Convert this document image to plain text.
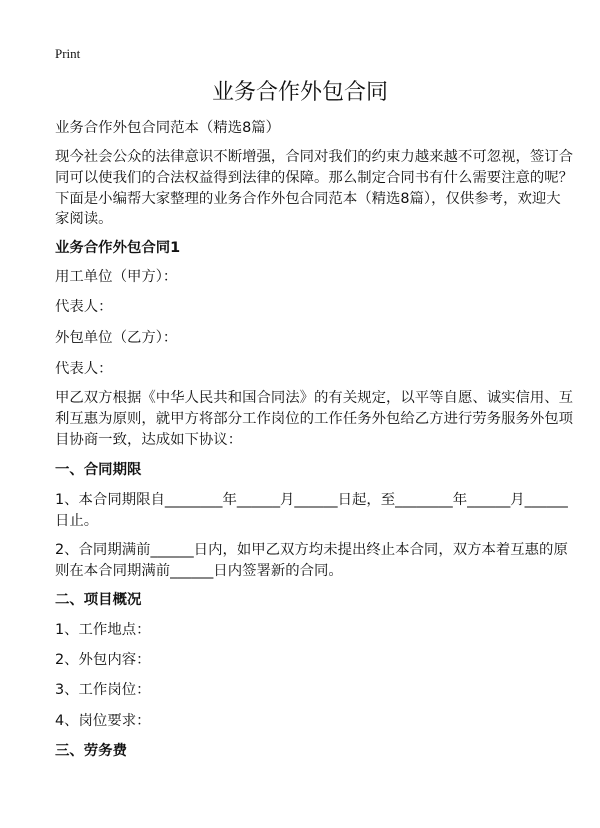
Print
业务合作外包合同
业务合作外包合同范本（精选8篇）
现今社会公众的法律意识不断增强，合同对我们的约束力越来越不可忽视，签订合
同可以使我们的合法权益得到法律的保障。那么制定合同书有什么需要注意的呢？
下面是小编帮大家整理的业务合作外包合同范本（精选8篇），仅供参考，欢迎大
家阅读。
业务合作外包合同1
用工单位（甲方）：
代表人：
外包单位（乙方）：
代表人：
甲乙双方根据《中华人民共和国合同法》的有关规定，以平等自愿、诚实信用、互
利互惠为原则，就甲方将部分工作岗位的工作任务外包给乙方进行劳务服务外包项
目协商一致，达成如下协议：
一、合同期限
1、本合同期限自________年______月______日起，至________年______月______
日止。
2、合同期满前______日内，如甲乙双方均未提出终止本合同，双方本着互惠的原
则在本合同期满前______日内签署新的合同。
二、项目概况
1、工作地点：
2、外包内容：
3、工作岗位：
4、岗位要求：
三、劳务费
